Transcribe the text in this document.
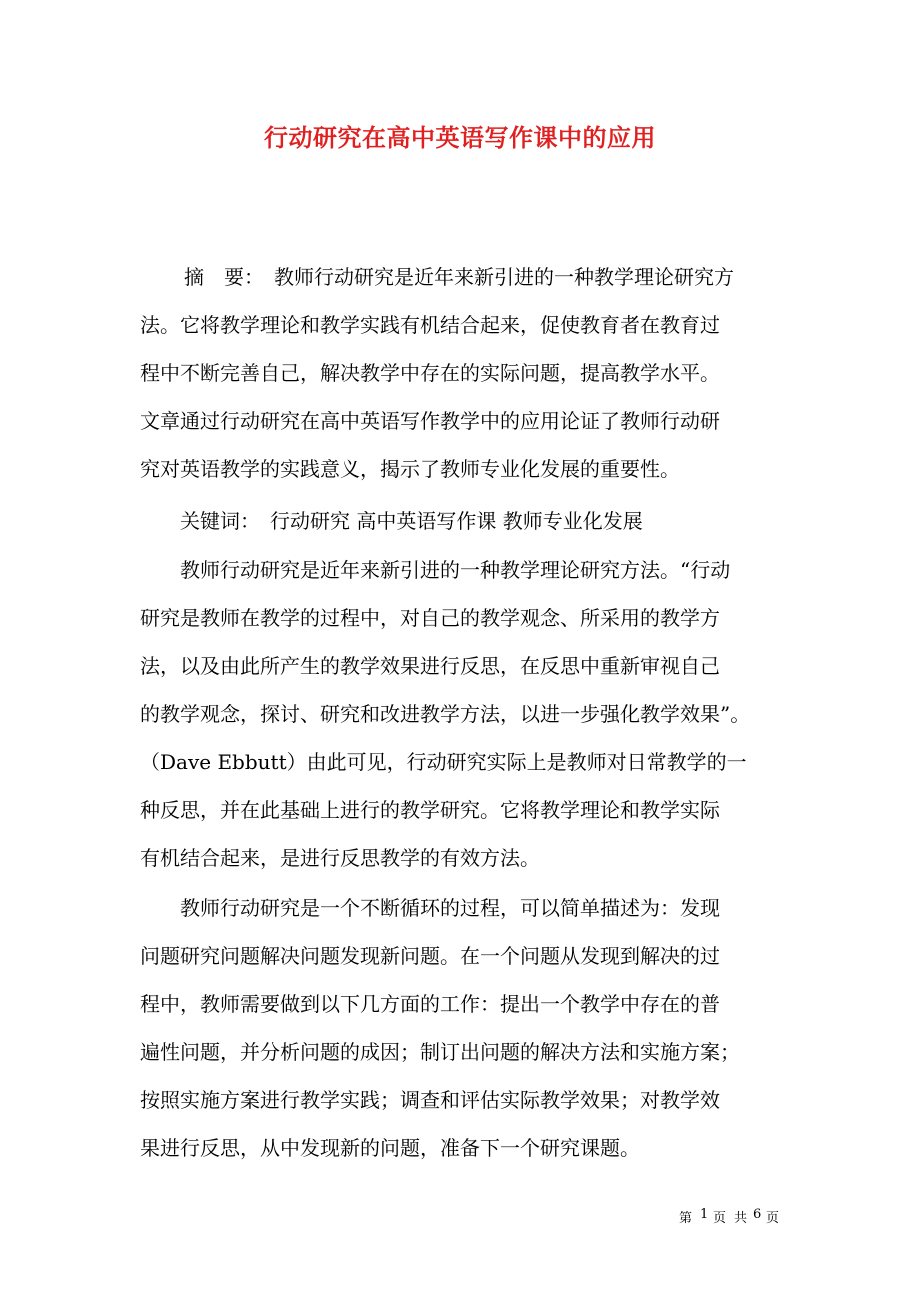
行动研究在高中英语写作课中的应用
摘　要：　教师行动研究是近年来新引进的一种教学理论研究方
法。它将教学理论和教学实践有机结合起来，促使教育者在教育过
程中不断完善自己，解决教学中存在的实际问题，提高教学水平。
文章通过行动研究在高中英语写作教学中的应用论证了教师行动研
究对英语教学的实践意义，揭示了教师专业化发展的重要性。
关键词：　行动研究 高中英语写作课 教师专业化发展
教师行动研究是近年来新引进的一种教学理论研究方法。“行动
研究是教师在教学的过程中，对自己的教学观念、所采用的教学方
法，以及由此所产生的教学效果进行反思，在反思中重新审视自己
的教学观念，探讨、研究和改进教学方法，以进一步强化教学效果”。
（Dave Ebbutt）由此可见，行动研究实际上是教师对日常教学的一
种反思，并在此基础上进行的教学研究。它将教学理论和教学实际
有机结合起来，是进行反思教学的有效方法。
教师行动研究是一个不断循环的过程，可以简单描述为：发现
问题研究问题解决问题发现新问题。在一个问题从发现到解决的过
程中，教师需要做到以下几方面的工作：提出一个教学中存在的普
遍性问题，并分析问题的成因；制订出问题的解决方法和实施方案；
按照实施方案进行教学实践；调查和评估实际教学效果；对教学效
果进行反思，从中发现新的问题，准备下一个研究课题。
第 1 页 共 6 页
